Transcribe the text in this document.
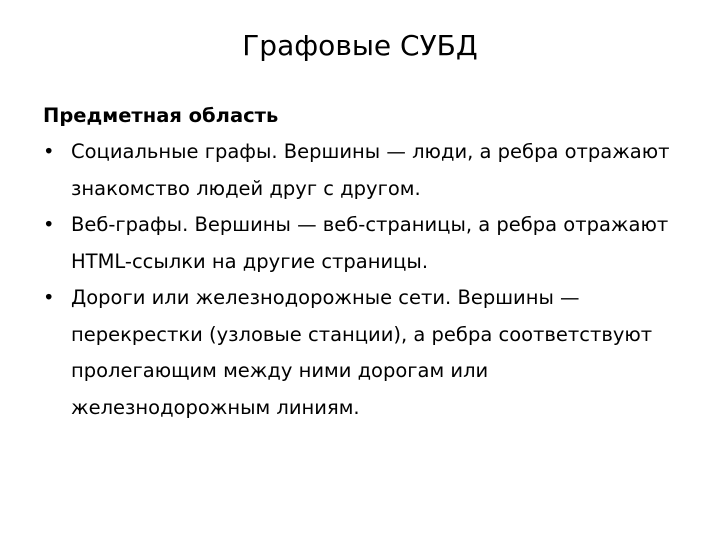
Графовые СУБД

Предметная область

• Социальные графы. Вершины — люди, а ребра отражают знакомство людей друг с другом.
• Веб-графы. Вершины — веб-страницы, а ребра отражают HTML-ссылки на другие страницы.
• Дороги или железнодорожные сети. Вершины — перекрестки (узловые станции), а ребра соответствуют пролегающим между ними дорогам или железнодорожным линиям.
